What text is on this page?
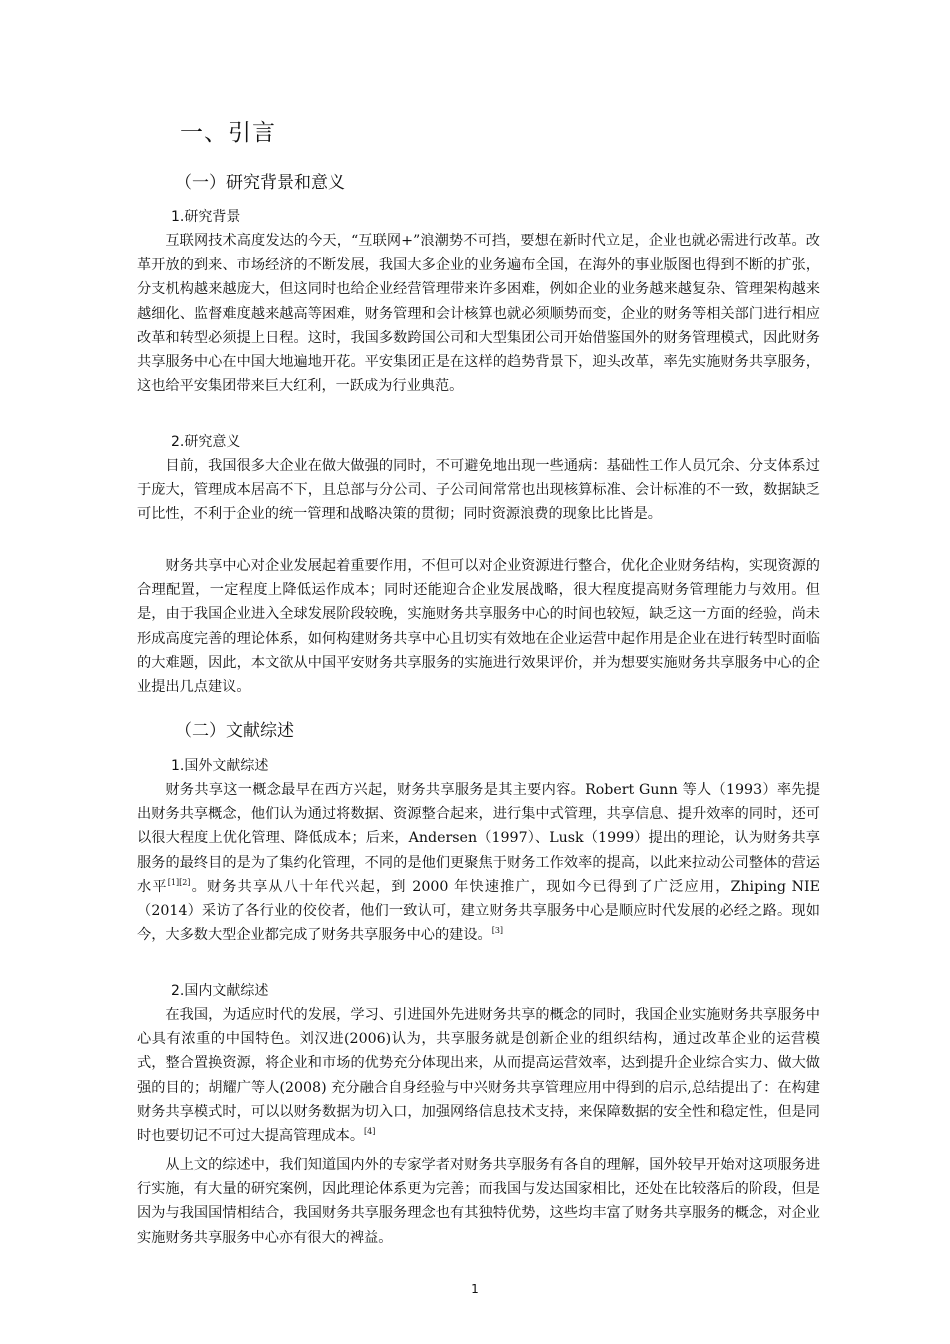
一、引言
（一）研究背景和意义
1.研究背景
互联网技术高度发达的今天，“互联网+”浪潮势不可挡，要想在新时代立足，企业也就必需进行改革。改革开放的到来、市场经济的不断发展，我国大多企业的业务遍布全国，在海外的事业版图也得到不断的扩张，分支机构越来越庞大，但这同时也给企业经营管理带来许多困难，例如企业的业务越来越复杂、管理架构越来越细化、监督难度越来越高等困难，财务管理和会计核算也就必须顺势而变，企业的财务等相关部门进行相应改革和转型必须提上日程。这时，我国多数跨国公司和大型集团公司开始借鉴国外的财务管理模式，因此财务共享服务中心在中国大地遍地开花。平安集团正是在这样的趋势背景下，迎头改革，率先实施财务共享服务，这也给平安集团带来巨大红利，一跃成为行业典范。
2.研究意义
目前，我国很多大企业在做大做强的同时，不可避免地出现一些通病：基础性工作人员冗余、分支体系过于庞大，管理成本居高不下，且总部与分公司、子公司间常常也出现核算标准、会计标准的不一致，数据缺乏可比性，不利于企业的统一管理和战略决策的贯彻；同时资源浪费的现象比比皆是。
财务共享中心对企业发展起着重要作用，不但可以对企业资源进行整合，优化企业财务结构，实现资源的合理配置，一定程度上降低运作成本；同时还能迎合企业发展战略，很大程度提高财务管理能力与效用。但是，由于我国企业进入全球发展阶段较晚，实施财务共享服务中心的时间也较短，缺乏这一方面的经验，尚未形成高度完善的理论体系，如何构建财务共享中心且切实有效地在企业运营中起作用是企业在进行转型时面临的大难题，因此，本文欲从中国平安财务共享服务的实施进行效果评价，并为想要实施财务共享服务中心的企业提出几点建议。
（二）文献综述
1.国外文献综述
财务共享这一概念最早在西方兴起，财务共享服务是其主要内容。Robert Gunn 等人（1993）率先提出财务共享概念，他们认为通过将数据、资源整合起来，进行集中式管理，共享信息、提升效率的同时，还可以很大程度上优化管理、降低成本；后来，Andersen（1997）、Lusk（1999）提出的理论，认为财务共享服务的最终目的是为了集约化管理，不同的是他们更聚焦于财务工作效率的提高，以此来拉动公司整体的营运水平[1][2]。财务共享从八十年代兴起，到 2000 年快速推广，现如今已得到了广泛应用，Zhiping NIE（2014）采访了各行业的佼佼者，他们一致认可，建立财务共享服务中心是顺应时代发展的必经之路。现如今，大多数大型企业都完成了财务共享服务中心的建设。[3]
2.国内文献综述
在我国，为适应时代的发展，学习、引进国外先进财务共享的概念的同时，我国企业实施财务共享服务中心具有浓重的中国特色。刘汉进(2006)认为，共享服务就是创新企业的组织结构，通过改革企业的运营模式，整合置换资源，将企业和市场的优势充分体现出来，从而提高运营效率，达到提升企业综合实力、做大做强的目的；胡耀广等人(2008) 充分融合自身经验与中兴财务共享管理应用中得到的启示,总结提出了：在构建财务共享模式时，可以以财务数据为切入口，加强网络信息技术支持，来保障数据的安全性和稳定性，但是同时也要切记不可过大提高管理成本。[4]
从上文的综述中，我们知道国内外的专家学者对财务共享服务有各自的理解，国外较早开始对这项服务进行实施，有大量的研究案例，因此理论体系更为完善；而我国与发达国家相比，还处在比较落后的阶段，但是因为与我国国情相结合，我国财务共享服务理念也有其独特优势，这些均丰富了财务共享服务的概念，对企业实施财务共享服务中心亦有很大的裨益。
1
